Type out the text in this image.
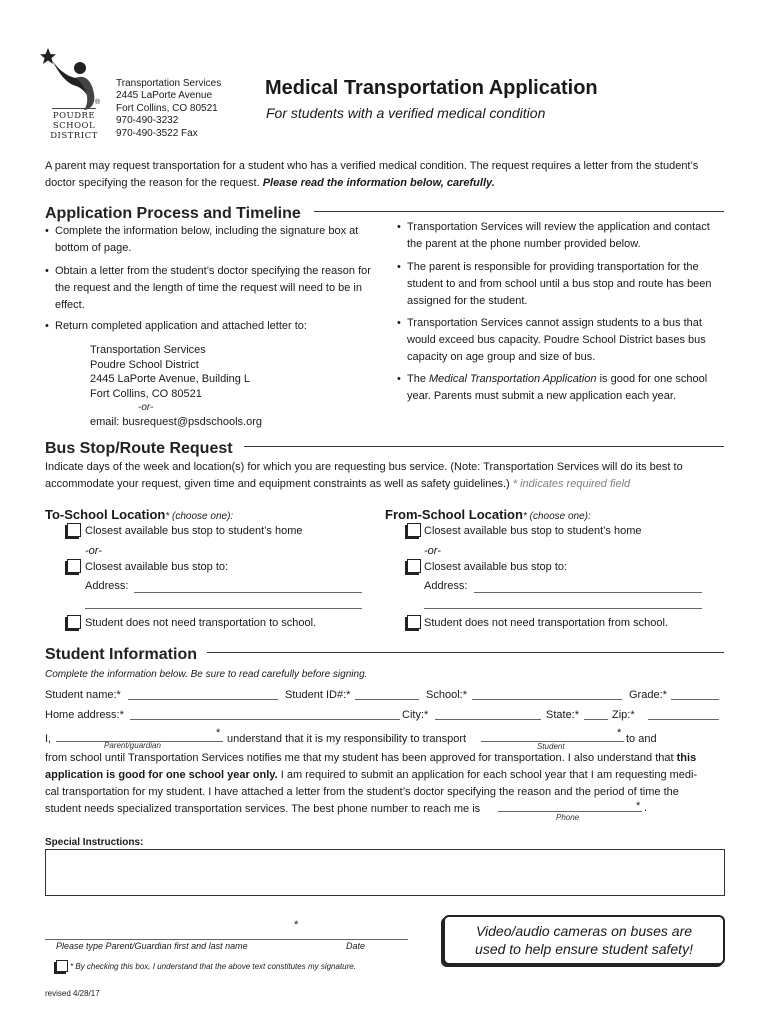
®
POUDRE
SCHOOL
DISTRICT
Transportation Services
2445 LaPorte Avenue
Fort Collins, CO 80521
970-490-3232
970-490-3522 Fax
Medical Transportation Application
For students with a verified medical condition
A parent may request transportation for a student who has a verified medical condition. The request requires a letter from the student’s doctor specifying the reason for the request. Please read the information below, carefully.
Application Process and Timeline
• Complete the information below, including the signature box at bottom of page.
• Obtain a letter from the student’s doctor specifying the reason for the request and the length of time the request will need to be in effect.
• Return completed application and attached letter to:
Transportation Services
Poudre School District
2445 LaPorte Avenue, Building L
Fort Collins, CO 80521
-or-
email: busrequest@psdschools.org
• Transportation Services will review the application and contact the parent at the phone number provided below.
• The parent is responsible for providing transportation for the student to and from school until a bus stop and route has been assigned for the student.
• Transportation Services cannot assign students to a bus that would exceed bus capacity. Poudre School District bases bus capacity on age group and size of bus.
• The Medical Transportation Application is good for one school year. Parents must submit a new application each year.
Bus Stop/Route Request
Indicate days of the week and location(s) for which you are requesting bus service. (Note: Transportation Services will do its best to accommodate your request, given time and equipment constraints as well as safety guidelines.) * indicates required field
To-School Location* (choose one):
Closest available bus stop to student’s home
-or-
Closest available bus stop to:
Address:
Student does not need transportation to school.
From-School Location* (choose one):
Closest available bus stop to student’s home
-or-
Closest available bus stop to:
Address:
Student does not need transportation from school.
Student Information
Complete the information below. Be sure to read carefully before signing.
Student name:*	Student ID#:*	School:*	Grade:*
Home address:*	City:*	State:*	Zip:*
I,	*
Parent/guardian
understand that it is my responsibility to transport	*
Student
to and
from school until Transportation Services notifies me that my student has been approved for transportation. I also understand that this
application is good for one school year only. I am required to submit an application for each school year that I am requesting medi-
cal transportation for my student. I have attached a letter from the student’s doctor specifying the reason and the period of time the
student needs specialized transportation services. The best phone number to reach me is	* .
Phone
Special Instructions:
*
Please type Parent/Guardian first and last name	Date
* By checking this box, I understand that the above text constitutes my signature.
Video/audio cameras on buses are
used to help ensure student safety!
revised 4/28/17
